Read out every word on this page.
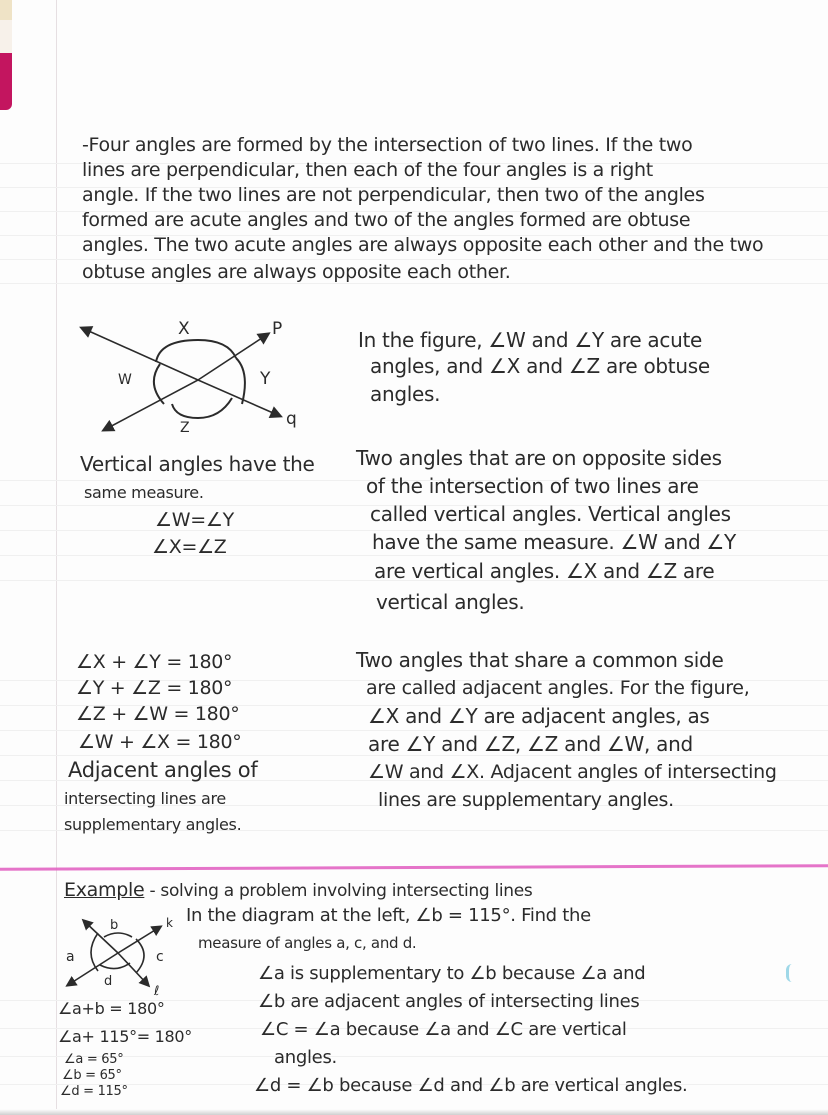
-Four angles are formed by the intersection of two lines. If the two
lines are perpendicular, then each of the four angles is a right
angle. If the two lines are not perpendicular, then two of the angles
formed are acute angles and two of the angles formed are obtuse
angles. The two acute angles are always opposite each other and the two
obtuse angles are always opposite each other.
X
Y
W
Z
P
q
In the figure, ∠W and ∠Y are acute
angles, and ∠X and ∠Z are obtuse
angles.
Vertical angles have the
same measure.
∠W=∠Y
∠X=∠Z
Two angles that are on opposite sides
of the intersection of two lines are
called vertical angles. Vertical angles
have the same measure. ∠W and ∠Y
are vertical angles. ∠X and ∠Z are
vertical angles.
∠X + ∠Y = 180°
∠Y + ∠Z = 180°
∠Z + ∠W = 180°
∠W + ∠X = 180°
Adjacent angles of
intersecting lines are
supplementary angles.
Two angles that share a common side
are called adjacent angles. For the figure,
∠X and ∠Y are adjacent angles, as
are ∠Y and ∠Z, ∠Z and ∠W, and
∠W and ∠X. Adjacent angles of intersecting
lines are supplementary angles.
Example - solving a problem involving intersecting lines
In the diagram at the left, ∠b = 115°. Find the
measure of angles a, c, and d.
a
b
c
d
k
ℓ
∠a+b = 180°
∠a+ 115°= 180°
∠a = 65°
∠b = 65°
∠d = 115°
∠a is supplementary to ∠b because ∠a and
∠b are adjacent angles of intersecting lines
∠C = ∠a because ∠a and ∠C are vertical
angles.
∠d = ∠b because ∠d and ∠b are vertical angles.
